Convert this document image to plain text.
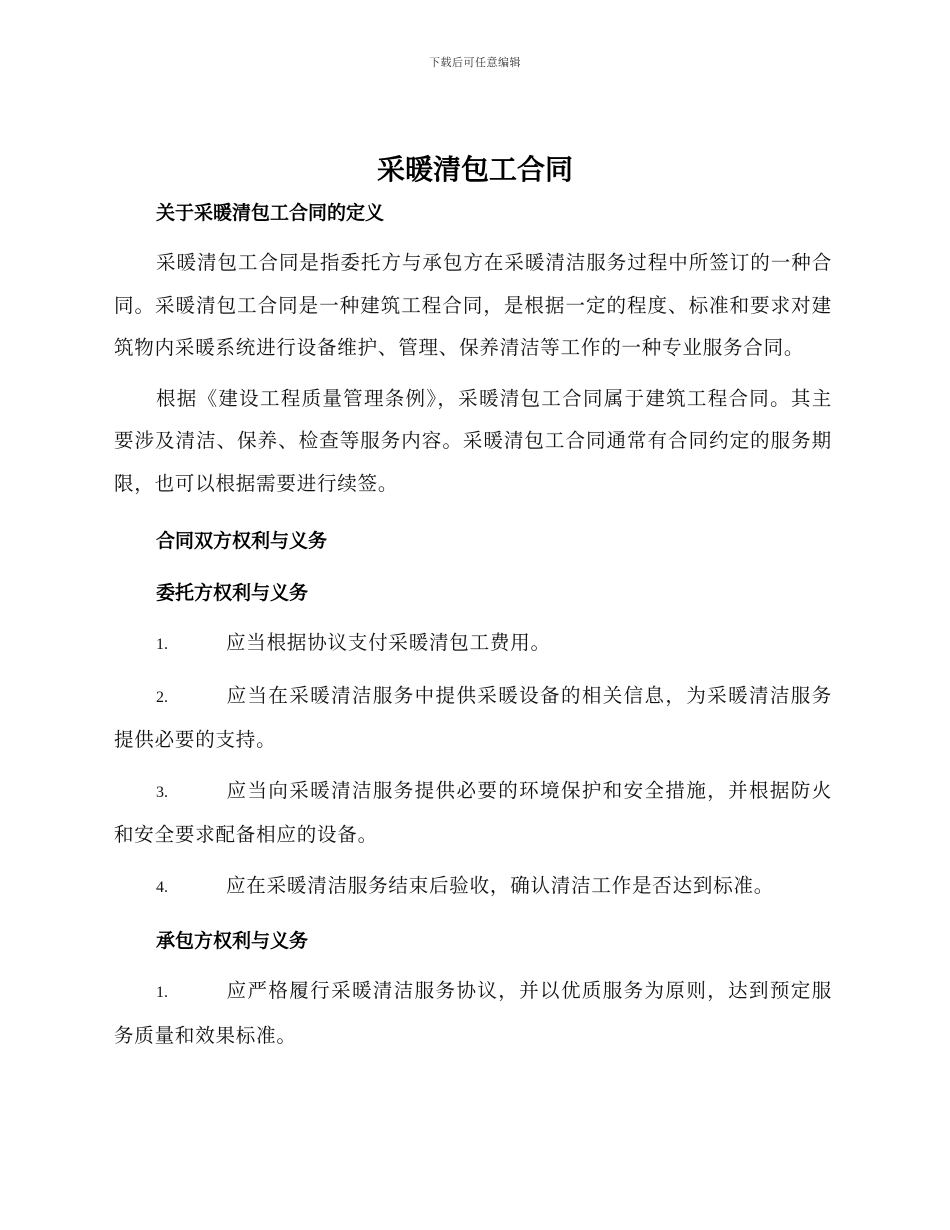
下载后可任意编辑
采暖清包工合同

关于采暖清包工合同的定义

采暖清包工合同是指委托方与承包方在采暖清洁服务过程中所签订的一种合同。采暖清包工合同是一种建筑工程合同，是根据一定的程度、标准和要求对建筑物内采暖系统进行设备维护、管理、保养清洁等工作的一种专业服务合同。

根据《建设工程质量管理条例》，采暖清包工合同属于建筑工程合同。其主要涉及清洁、保养、检查等服务内容。采暖清包工合同通常有合同约定的服务期限，也可以根据需要进行续签。

合同双方权利与义务

委托方权利与义务

1.	应当根据协议支付采暖清包工费用。

2.	应当在采暖清洁服务中提供采暖设备的相关信息，为采暖清洁服务提供必要的支持。

3.	应当向采暖清洁服务提供必要的环境保护和安全措施，并根据防火和安全要求配备相应的设备。

4.	应在采暖清洁服务结束后验收，确认清洁工作是否达到标准。

承包方权利与义务

1.	应严格履行采暖清洁服务协议，并以优质服务为原则，达到预定服务质量和效果标准。
